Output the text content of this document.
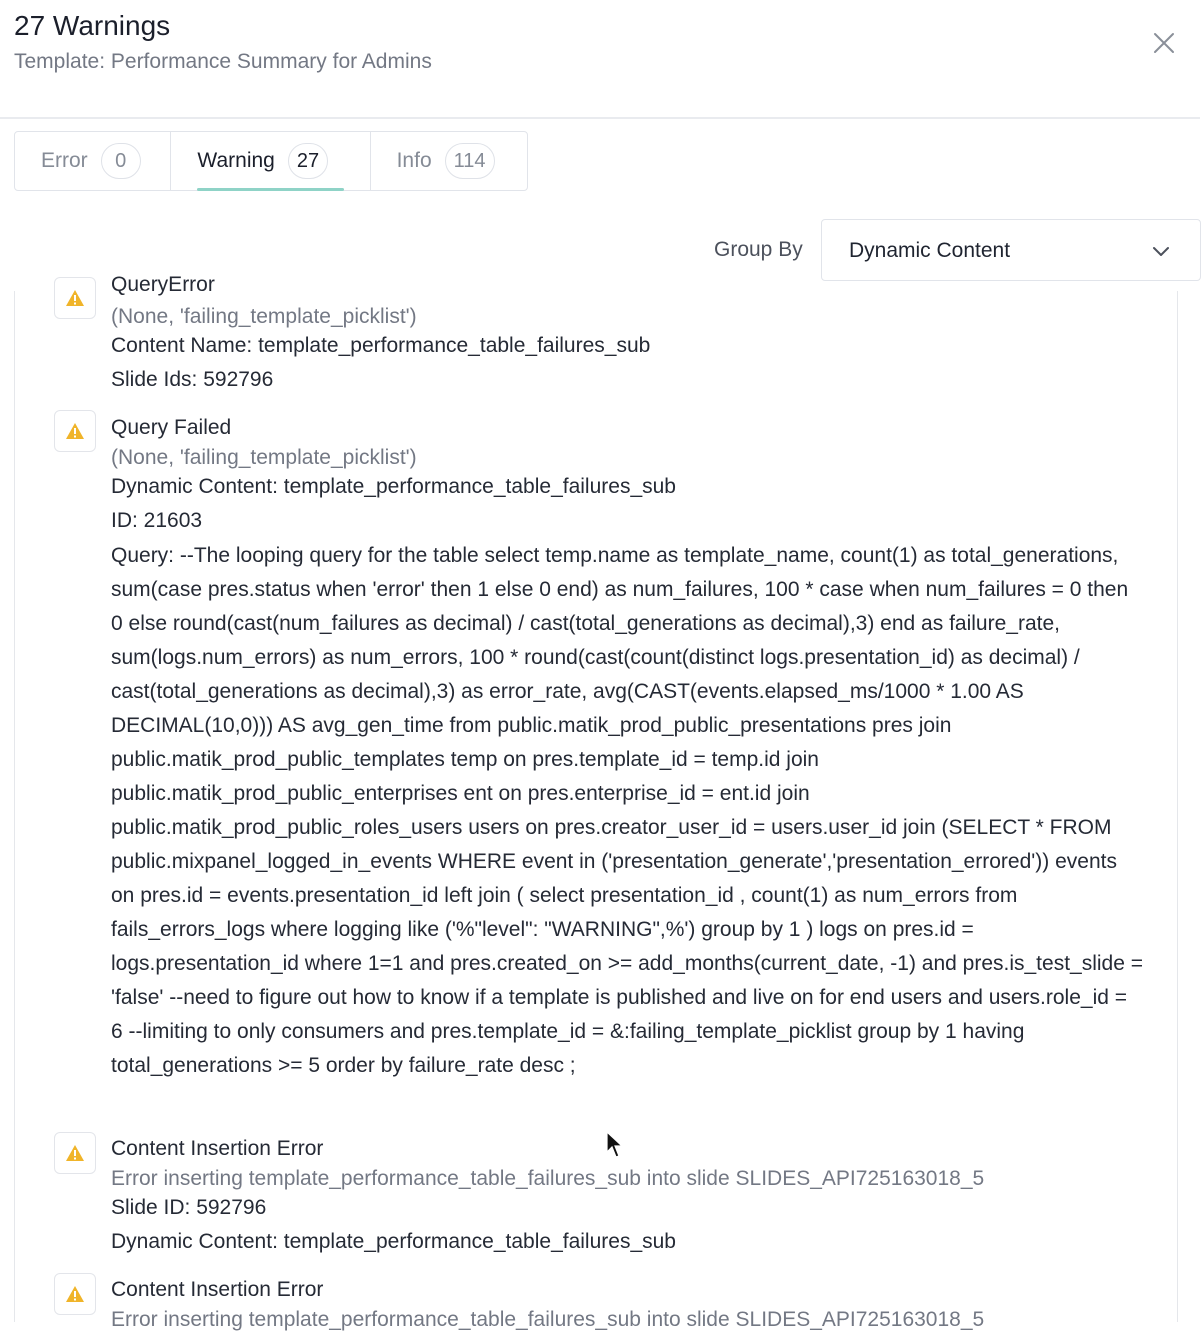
27 Warnings
Template: Performance Summary for Admins
Error	0	Warning	27	Info	114
Group By Dynamic Content
QueryError
(None, 'failing_template_picklist')
Content Name: template_performance_table_failures_sub
Slide Ids: 592796
Query Failed
(None, 'failing_template_picklist')
Dynamic Content: template_performance_table_failures_sub
ID: 21603
Query: --The looping query for the table select temp.name as template_name, count(1) as total_generations, sum(case pres.status when 'error' then 1 else 0 end) as num_failures, 100 * case when num_failures = 0 then 0 else round(cast(num_failures as decimal) / cast(total_generations as decimal),3) end as failure_rate, sum(logs.num_errors) as num_errors, 100 * round(cast(count(distinct logs.presentation_id) as decimal) / cast(total_generations as decimal),3) as error_rate, avg(CAST(events.elapsed_ms/1000 * 1.00 AS DECIMAL(10,0))) AS avg_gen_time from public.matik_prod_public_presentations pres join public.matik_prod_public_templates temp on pres.template_id = temp.id join public.matik_prod_public_enterprises ent on pres.enterprise_id = ent.id join public.matik_prod_public_roles_users users on pres.creator_user_id = users.user_id join (SELECT * FROM public.mixpanel_logged_in_events WHERE event in ('presentation_generate','presentation_errored')) events on pres.id = events.presentation_id left join ( select presentation_id , count(1) as num_errors from fails_errors_logs where logging like ('%"level": "WARNING",%') group by 1 ) logs on pres.id = logs.presentation_id where 1=1 and pres.created_on >= add_months(current_date, -1) and pres.is_test_slide = 'false' --need to figure out how to know if a template is published and live on for end users and users.role_id = 6 --limiting to only consumers and pres.template_id = &:failing_template_picklist group by 1 having total_generations >= 5 order by failure_rate desc ;
Content Insertion Error
Error inserting template_performance_table_failures_sub into slide SLIDES_API725163018_5
Slide ID: 592796
Dynamic Content: template_performance_table_failures_sub
Content Insertion Error
Error inserting template_performance_table_failures_sub into slide SLIDES_API725163018_5
